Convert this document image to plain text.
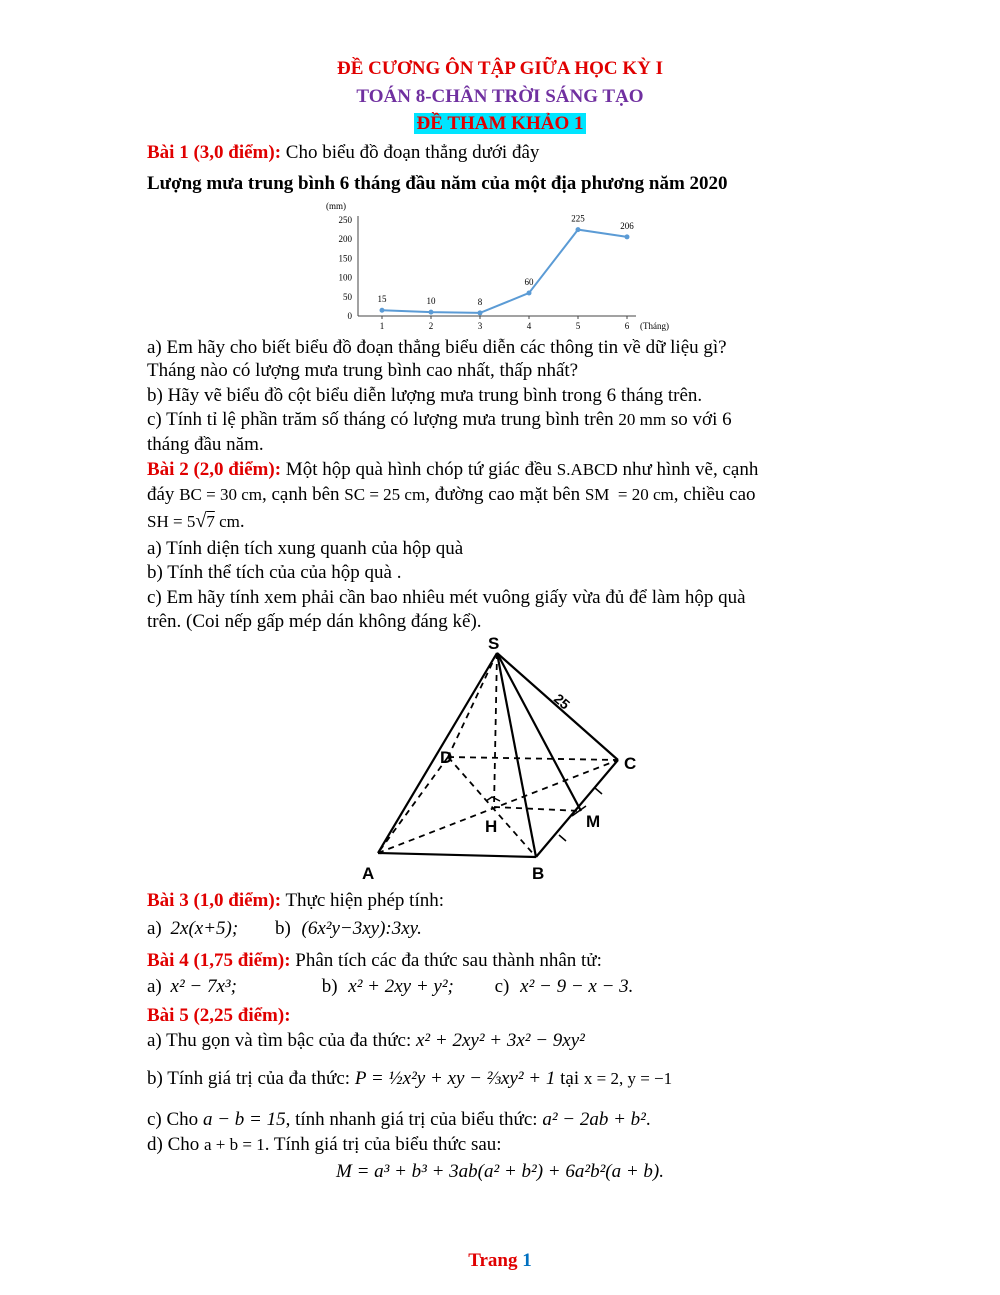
ĐỀ CƯƠNG ÔN TẬP GIỮA HỌC KỲ I
TOÁN 8-CHÂN TRỜI SÁNG TẠO
ĐỀ THAM KHẢO 1
Bài 1 (3,0 điểm): Cho biểu đồ đoạn thẳng dưới đây
Lượng mưa trung bình 6 tháng đầu năm của một địa phương năm 2020
(mm)
(Tháng)
0
50
100
150
200
250
1	2	3	4	5	6
15	10	8
60
225
206
a) Em hãy cho biết biểu đồ đoạn thẳng biểu diễn các thông tin về dữ liệu gì?
Tháng nào có lượng mưa trung bình cao nhất, thấp nhất?
b) Hãy vẽ biểu đồ cột biểu diễn lượng mưa trung bình trong 6 tháng trên.
c) Tính tỉ lệ phần trăm số tháng có lượng mưa trung bình trên 20 mm so với 6
tháng đầu năm.
Bài 2 (2,0 điểm): Một hộp quà hình chóp tứ giác đều S.ABCD như hình vẽ, cạnh
đáy BC = 30 cm, cạnh bên SC = 25 cm, đường cao mặt bên SM  = 20 cm, chiều cao
SH = 5√7 cm.
a) Tính diện tích xung quanh của hộp quà
b) Tính thể tích của của hộp quà .
c) Em hãy tính xem phải cần bao nhiêu mét vuông giấy vừa đủ để làm hộp quà
trên. (Coi nếp gấp mép dán không đáng kể).
S
D	C
A	B
H	M
25
Bài 3 (1,0 điểm): Thực hiện phép tính:
a) 2x(x+5); b) (6x²y−3xy):3xy.
Bài 4 (1,75 điểm): Phân tích các đa thức sau thành nhân tử:
a) x² − 7x³;	b) x² + 2xy + y²; c) x² − 9 − x − 3.
Bài 5 (2,25 điểm):
a) Thu gọn và tìm bậc của đa thức: x² + 2xy² + 3x² − 9xy²
b) Tính giá trị của đa thức: P = ½x²y + xy − ⅔xy² + 1 tại x = 2, y = −1
c) Cho a − b = 15, tính nhanh giá trị của biểu thức: a² − 2ab + b².
d) Cho a + b = 1. Tính giá trị của biểu thức sau:
M = a³ + b³ + 3ab(a² + b²) + 6a²b²(a + b).
Trang 1
